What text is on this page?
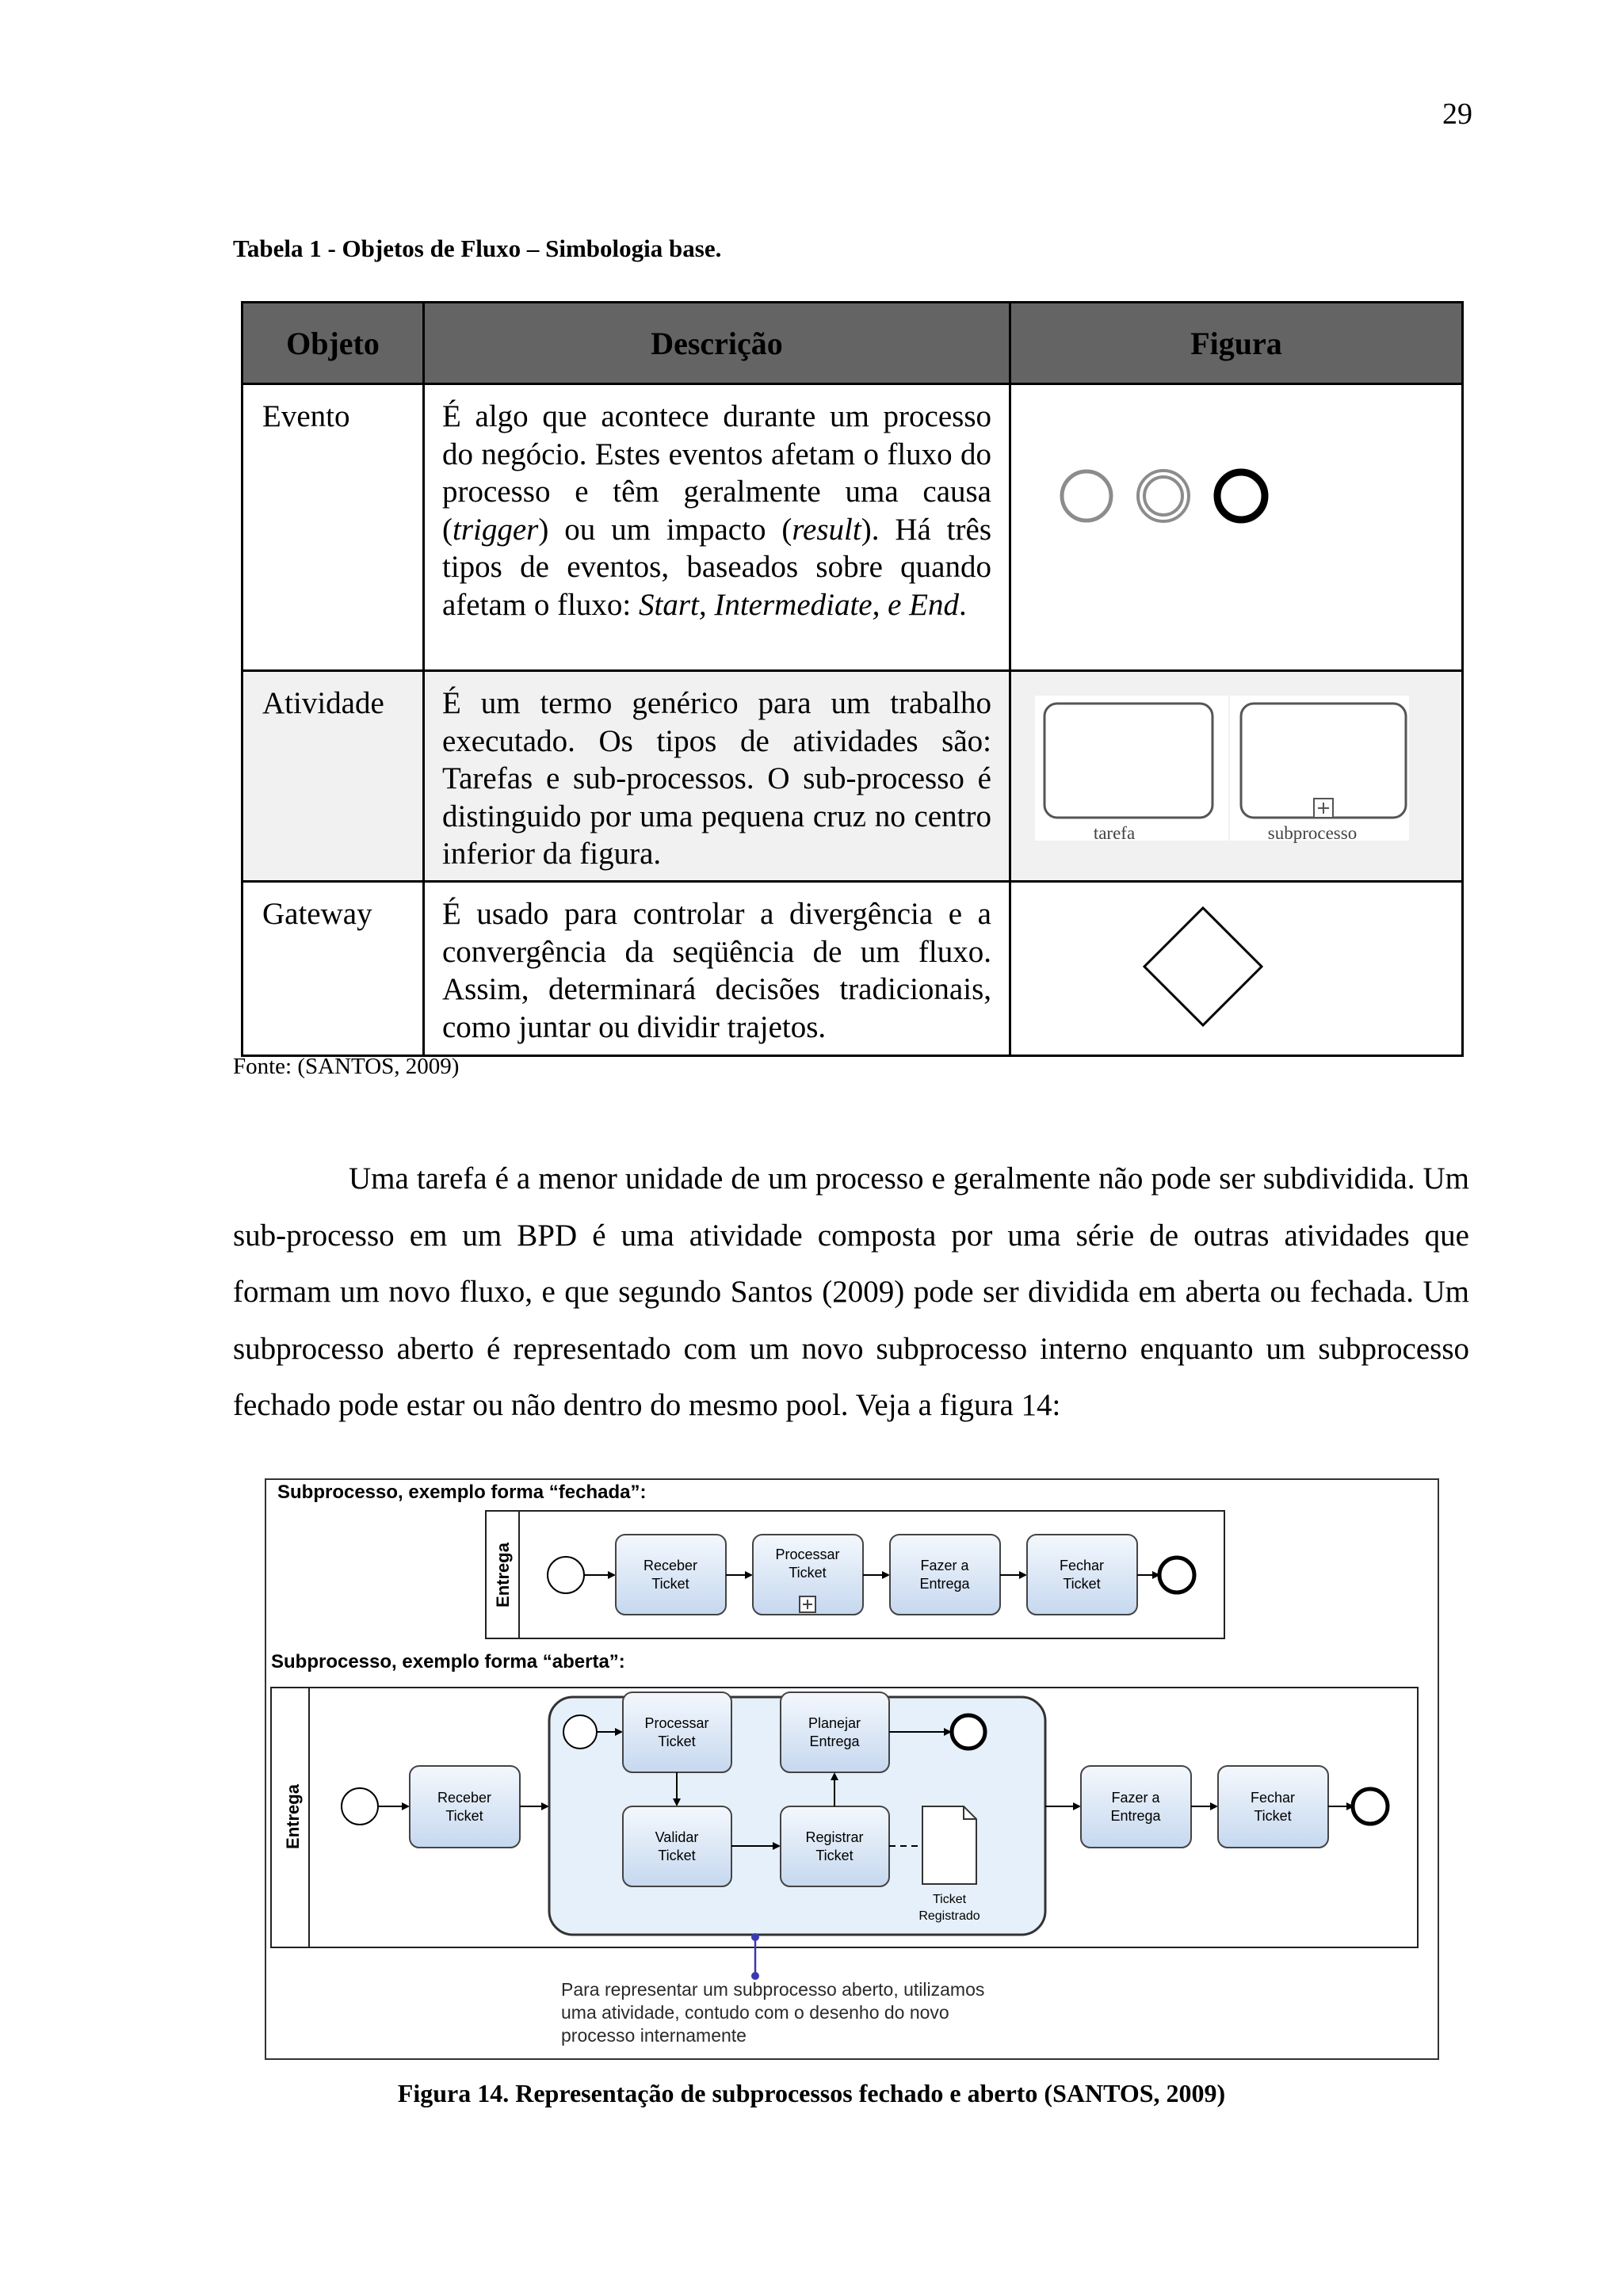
29
Tabela 1 - Objetos de Fluxo – Simbologia base.
Objeto	Descrição	Figura
Evento	É algo que acontece durante um processo do negócio. Estes eventos afetam o fluxo do processo e têm geralmente uma causa (trigger) ou um impacto (result). Há três tipos de eventos, baseados sobre quando afetam o fluxo: Start, Intermediate, e End.	

Atividade	É um termo genérico para um trabalho executado. Os tipos de atividades são: Tarefas e sub-processos. O sub-processo é distinguido por uma pequena cruz no centro inferior da figura.	tarefa subprocesso

Gateway	É usado para controlar a divergência e a convergência da seqüência de um fluxo. Assim, determinará decisões tradicionais, como juntar ou dividir trajetos.	
Fonte: (SANTOS, 2009)

Uma tarefa é a menor unidade de um processo e geralmente não pode ser subdividida. Um sub-processo em um BPD é uma atividade composta por uma série de outras atividades que formam um novo fluxo, e que segundo Santos (2009) pode ser dividida em aberta ou fechada. Um subprocesso aberto é representado com um novo subprocesso interno enquanto um subprocesso fechado pode estar ou não dentro do mesmo pool. Veja a figura 14:

Subprocesso, exemplo forma “fechada”:
Subprocesso, exemplo forma “aberta”:
Entrega	Receber
Ticket
Processar
Ticket	Fazer a
Entrega
Fechar
Ticket
Entrega	Receber
Ticket
Processar
Ticket
Planejar
Entrega
Validar
Ticket
Registrar
Ticket
Ticket
Registrado
Fazer a
Entrega
Fechar
Ticket
Para representar um subprocesso aberto, utilizamos
uma atividade, contudo com o desenho do novo
processo internamente
Figura 14. Representação de subprocessos fechado e aberto (SANTOS, 2009)
